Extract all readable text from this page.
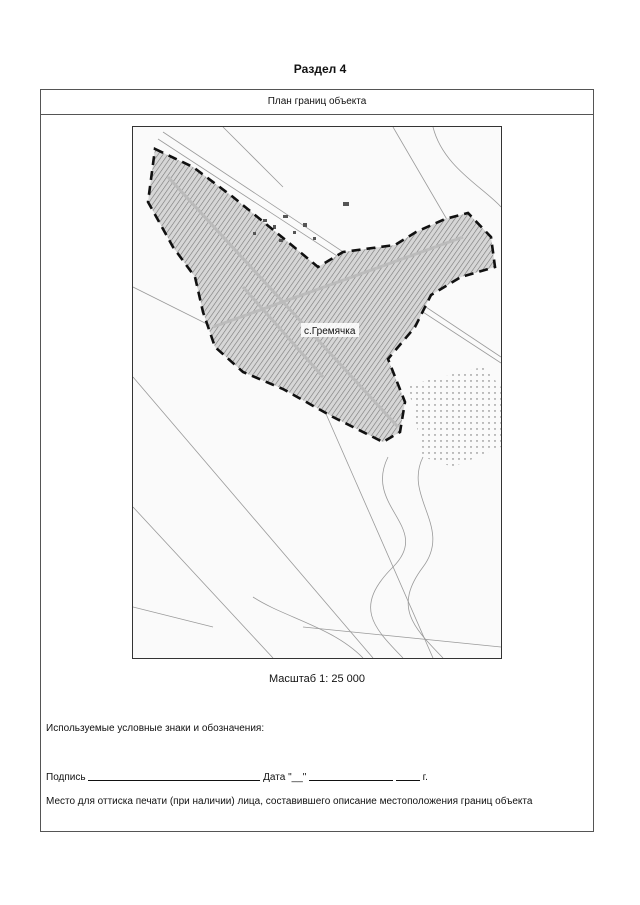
Раздел 4
План границ объекта
с.Гремячка
Масштаб 1: 25 000
Используемые условные знаки и обозначения:
Подпись	Дата "__"	г.
Место для оттиска печати (при наличии) лица, составившего описание местоположения границ объекта
